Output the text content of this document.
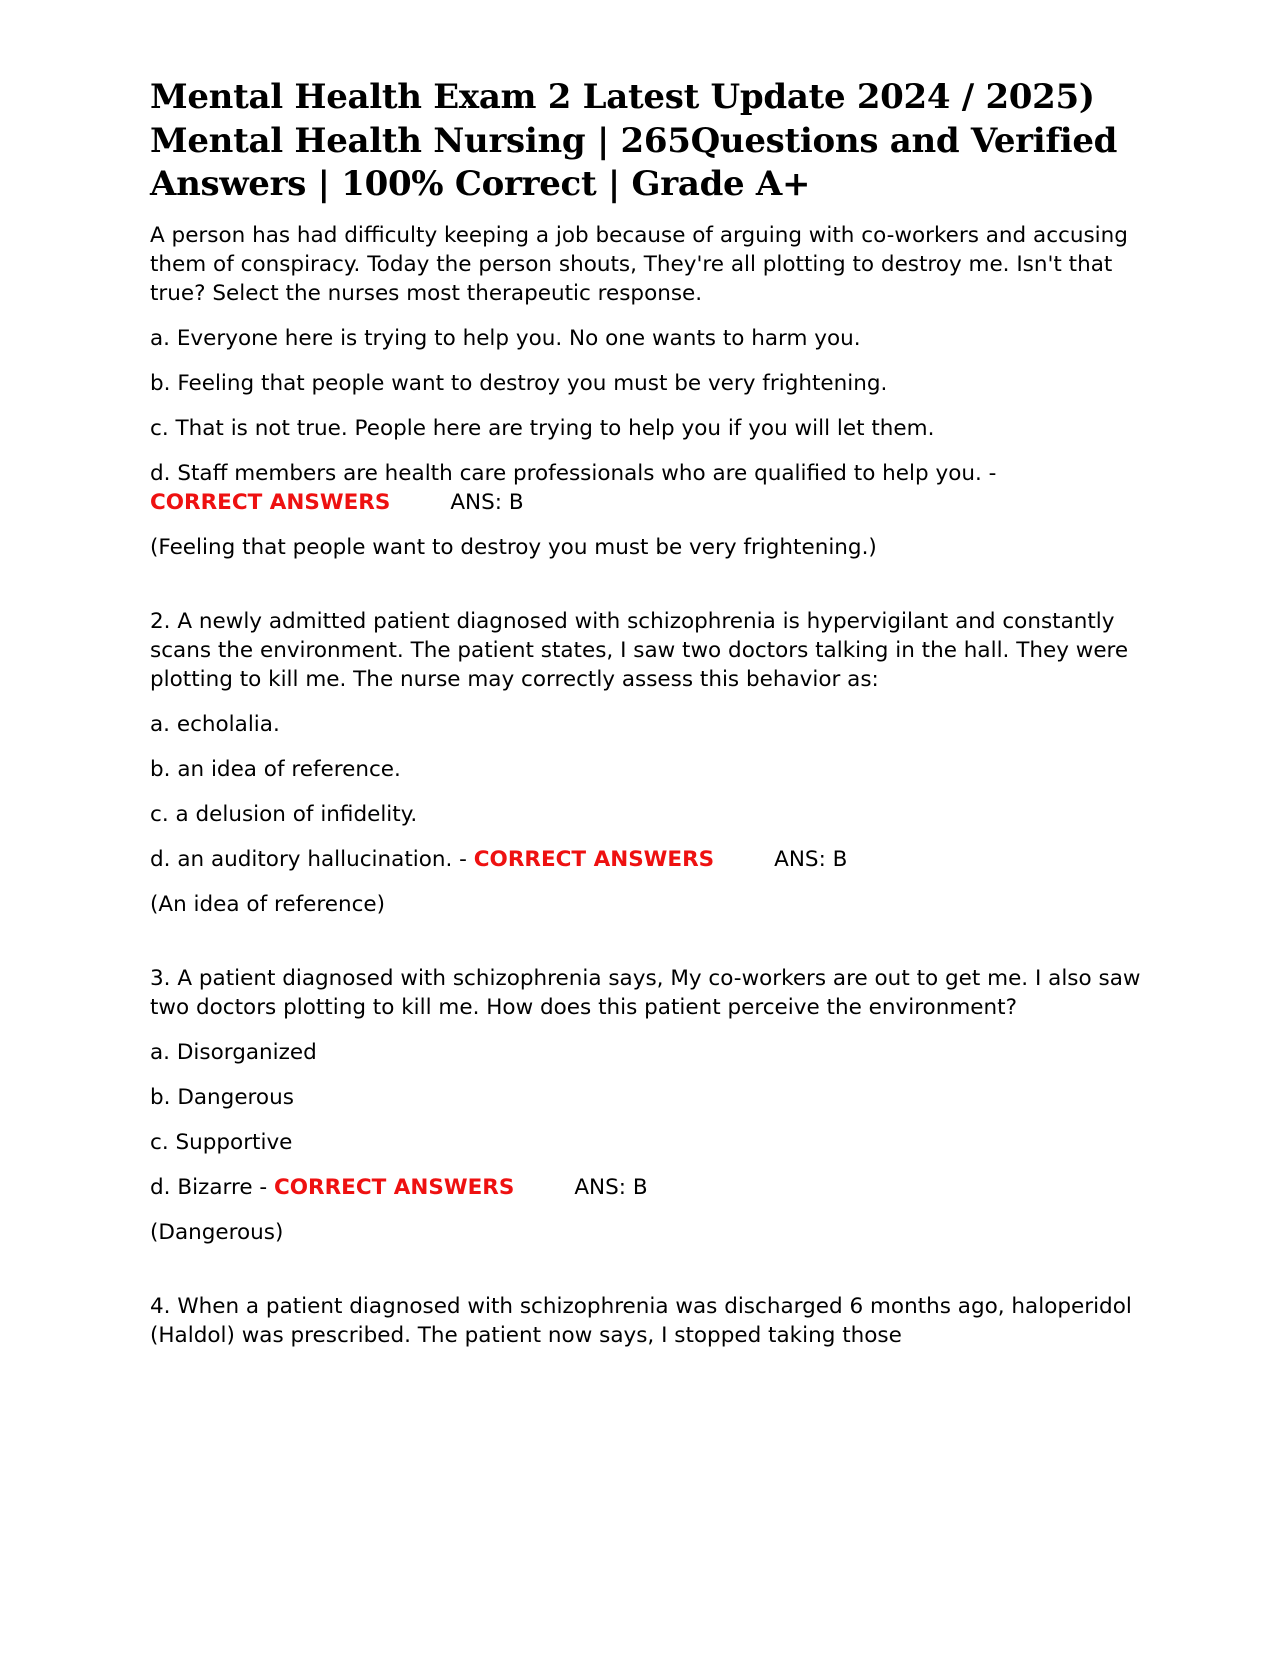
Mental Health Exam 2 Latest Update 2024 / 2025) Mental Health Nursing | 265Questions and Verified Answers | 100% Correct | Grade A+

A person has had difficulty keeping a job because of arguing with co-workers and accusing them of conspiracy. Today the person shouts, They're all plotting to destroy me. Isn't that true? Select the nurses most therapeutic response.

a. Everyone here is trying to help you. No one wants to harm you.

b. Feeling that people want to destroy you must be very frightening.

c. That is not true. People here are trying to help you if you will let them.

d. Staff members are health care professionals who are qualified to help you. -
CORRECT ANSWERS	ANS: B

(Feeling that people want to destroy you must be very frightening.)

2. A newly admitted patient diagnosed with schizophrenia is hypervigilant and constantly scans the environment. The patient states, I saw two doctors talking in the hall. They were plotting to kill me. The nurse may correctly assess this behavior as:

a. echolalia.

b. an idea of reference.

c. a delusion of infidelity.

d. an auditory hallucination. - CORRECT ANSWERS	ANS: B

(An idea of reference)

3. A patient diagnosed with schizophrenia says, My co-workers are out to get me. I also saw two doctors plotting to kill me. How does this patient perceive the environment?

a. Disorganized

b. Dangerous

c. Supportive

d. Bizarre - CORRECT ANSWERS	ANS: B

(Dangerous)

4. When a patient diagnosed with schizophrenia was discharged 6 months ago, haloperidol (Haldol) was prescribed. The patient now says, I stopped taking those
